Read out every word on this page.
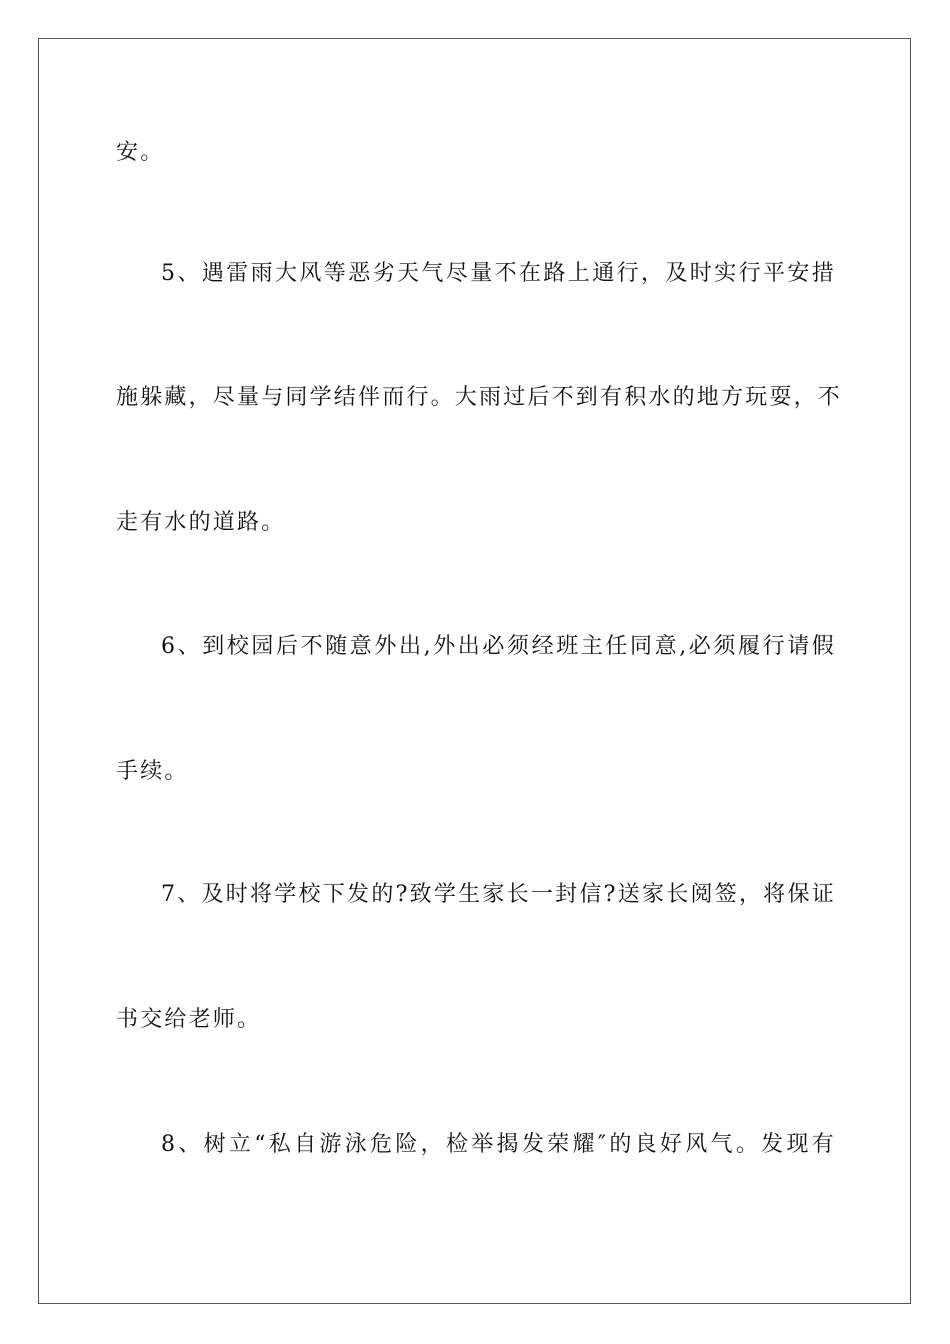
安。
5、遇雷雨大风等恶劣天气尽量不在路上通行，及时实行平安措
施躲藏，尽量与同学结伴而行。大雨过后不到有积水的地方玩耍，不
走有水的道路。
6、到校园后不随意外出,外出必须经班主任同意,必须履行请假
手续。
7、及时将学校下发的?致学生家长一封信?送家长阅签，将保证
书交给老师。
8、树立“私自游泳危险，检举揭发荣耀″的良好风气。发现有
